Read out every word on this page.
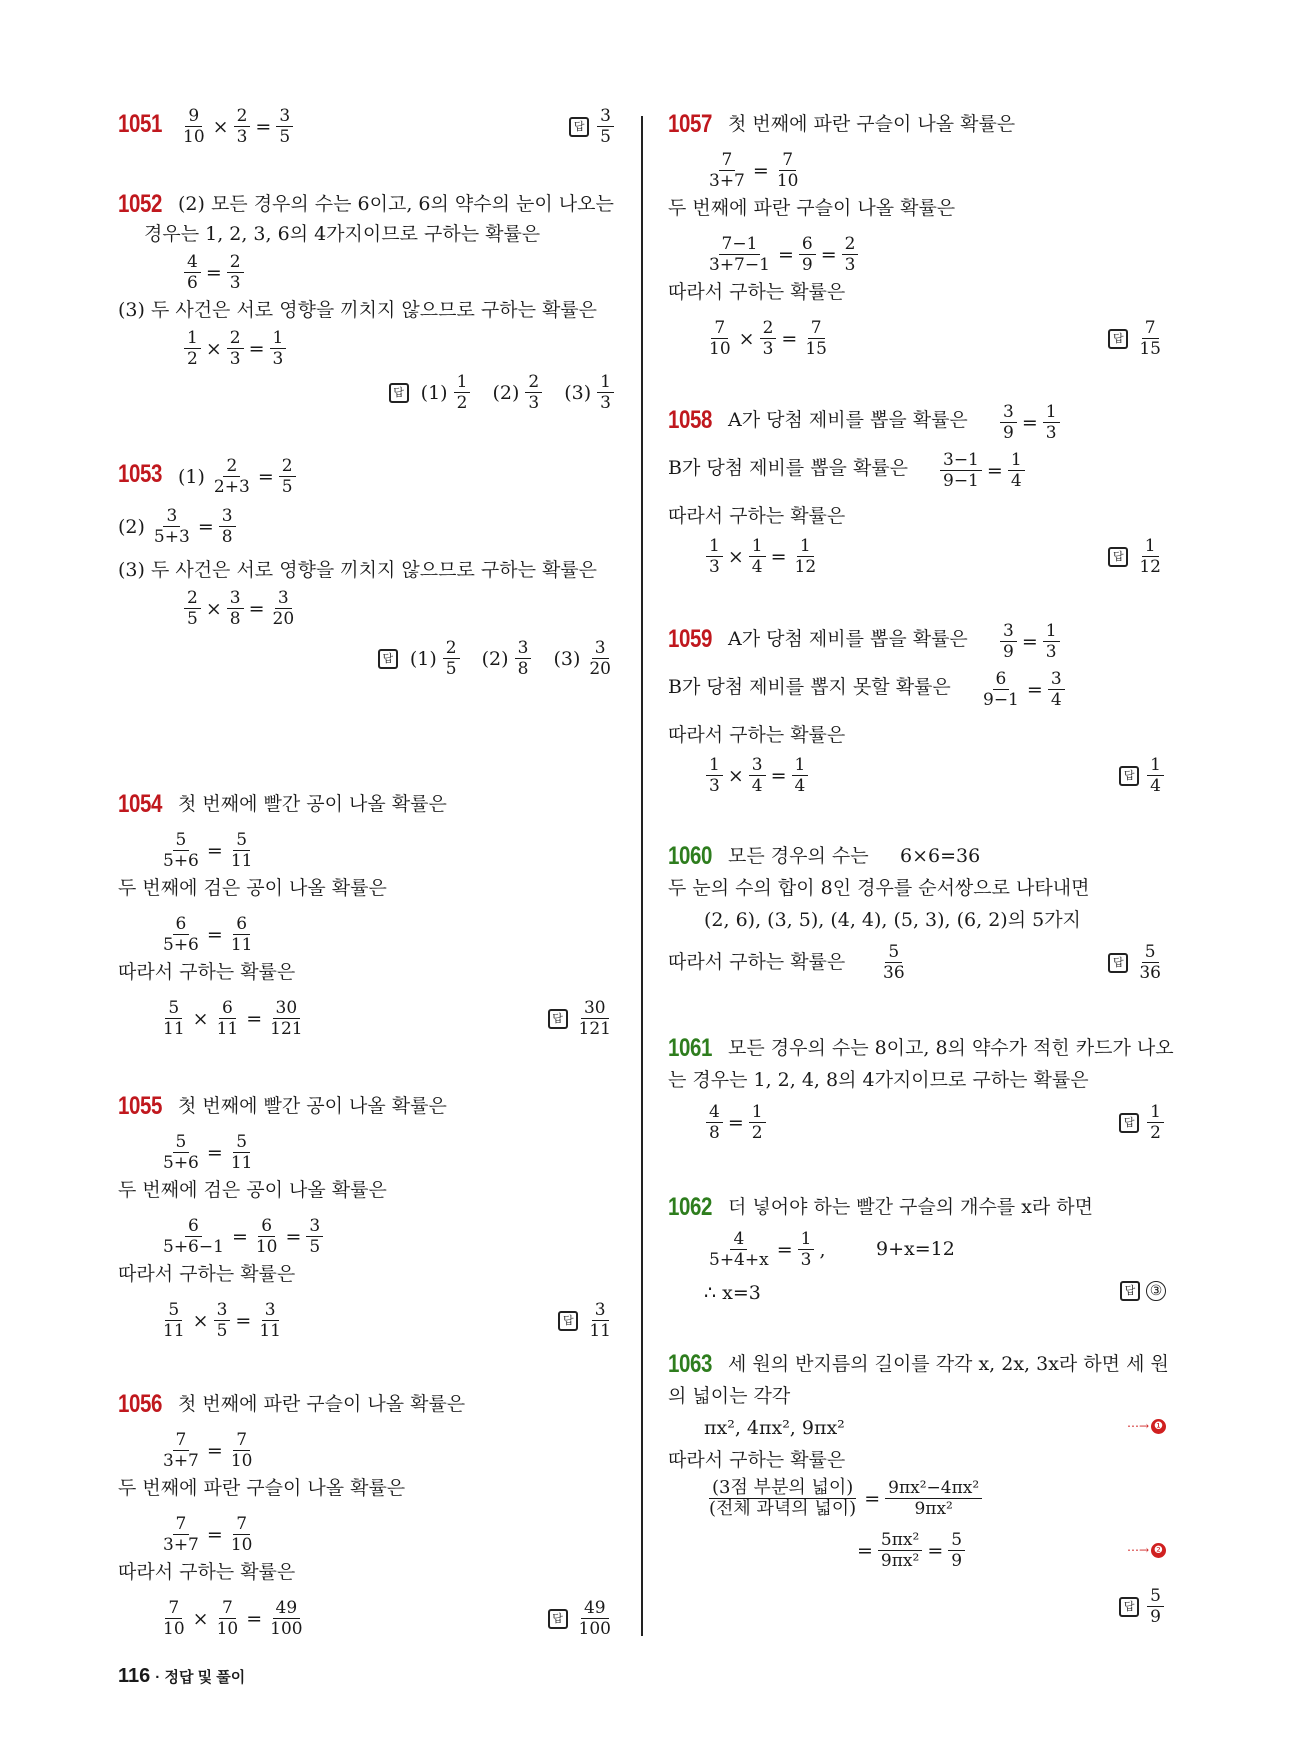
$1051 \frac{9}{10} \times \frac{2}{3} = \frac{3}{5}$	답 $\frac{3}{5}$
1052 (2) 모든 경우의 수는 6이고, 6의 약수의 눈이 나오는
경우는 1, 2, 3, 6의 4가지이므로 구하는 확률은
$\frac{4}{6} = \frac{2}{3}$
(3) 두 사건은 서로 영향을 끼치지 않으므로 구하는 확률은
$\frac{1}{2} \times \frac{2}{3} = \frac{1}{3}$
답 $(1) \frac{1}{2} (2) \frac{2}{3} (3) \frac{1}{3}$
1053 $(1) \frac{2}{2+3} = \frac{2}{5}$
$(2) \frac{3}{5+3} = \frac{3}{8}$
(3) 두 사건은 서로 영향을 끼치지 않으므로 구하는 확률은
$\frac{2}{5} \times \frac{3}{8} = \frac{3}{20}$
답 $(1) \frac{2}{5} (2) \frac{3}{8} (3) \frac{3}{20}$
1054 첫 번째에 빨간 공이 나올 확률은
$\frac{5}{5+6} = \frac{5}{11}$
두 번째에 검은 공이 나올 확률은
$\frac{6}{5+6} = \frac{6}{11}$
따라서 구하는 확률은
$\frac{5}{11} \times \frac{6}{11} = \frac{30}{121}$	답 $\frac{30}{121}$
1055 첫 번째에 빨간 공이 나올 확률은
$\frac{5}{5+6} = \frac{5}{11}$
두 번째에 검은 공이 나올 확률은
$\frac{6}{5+6-1} = \frac{6}{10} = \frac{3}{5}$
따라서 구하는 확률은
$\frac{5}{11} \times \frac{3}{5} = \frac{3}{11}$	답 $\frac{3}{11}$
1056 첫 번째에 파란 구슬이 나올 확률은
$\frac{7}{3+7} = \frac{7}{10}$
두 번째에 파란 구슬이 나올 확률은
$\frac{7}{3+7} = \frac{7}{10}$
따라서 구하는 확률은
$\frac{7}{10} \times \frac{7}{10} = \frac{49}{100}$	답 $\frac{49}{100}$
1057 첫 번째에 파란 구슬이 나올 확률은
$\frac{7}{3+7} = \frac{7}{10}$
두 번째에 파란 구슬이 나올 확률은
$\frac{7-1}{3+7-1} = \frac{6}{9} = \frac{2}{3}$
따라서 구하는 확률은
$\frac{7}{10} \times \frac{2}{3} = \frac{7}{15}$	답 $\frac{7}{15}$
1058 A가 당첨 제비를 뽑을 확률은 $\frac{3}{9} = \frac{1}{3}$
B가 당첨 제비를 뽑을 확률은 $\frac{3-1}{9-1} = \frac{1}{4}$
따라서 구하는 확률은
$\frac{1}{3} \times \frac{1}{4} = \frac{1}{12}$	답 $\frac{1}{12}$
1059 A가 당첨 제비를 뽑을 확률은 $\frac{3}{9} = \frac{1}{3}$
B가 당첨 제비를 뽑지 못할 확률은 $\frac{6}{9-1} = \frac{3}{4}$
따라서 구하는 확률은
$\frac{1}{3} \times \frac{3}{4} = \frac{1}{4}$	답 $\frac{1}{4}$
1060 모든 경우의 수는 6×6=36
두 눈의 수의 합이 8인 경우를 순서쌍으로 나타내면
(2, 6), (3, 5), (4, 4), (5, 3), (6, 2)의 5가지
따라서 구하는 확률은 $\frac{5}{36}$	답 $\frac{5}{36}$
1061 모든 경우의 수는 8이고, 8의 약수가 적힌 카드가 나오
는 경우는 1, 2, 4, 8의 4가지이므로 구하는 확률은
$\frac{4}{8} = \frac{1}{2}$	답 $\frac{1}{2}$
1062 더 넣어야 하는 빨간 구슬의 개수를 x라 하면
$\frac{4}{5+4+x} = \frac{1}{3}$ ,	9+x=12
∴ x=3	답 ③
1063 세 원의 반지름의 길이를 각각 x, 2x, 3x라 하면 세 원
의 넓이는 각각
πx², 4πx², 9πx²	⋯→ ❶
따라서 구하는 확률은
$\frac{\text{(3점 부분의 넓이)}}{\text{(전체 과녁의 넓이)}} = \frac{\text{9πx²−4πx²}}{\text{9πx²}}$
= $\frac{\text{5πx²}}{\text{9πx²}} = \frac{5}{9}$	⋯→ ❷
답 $\frac{5}{9}$
116 · 정답 및 풀이
